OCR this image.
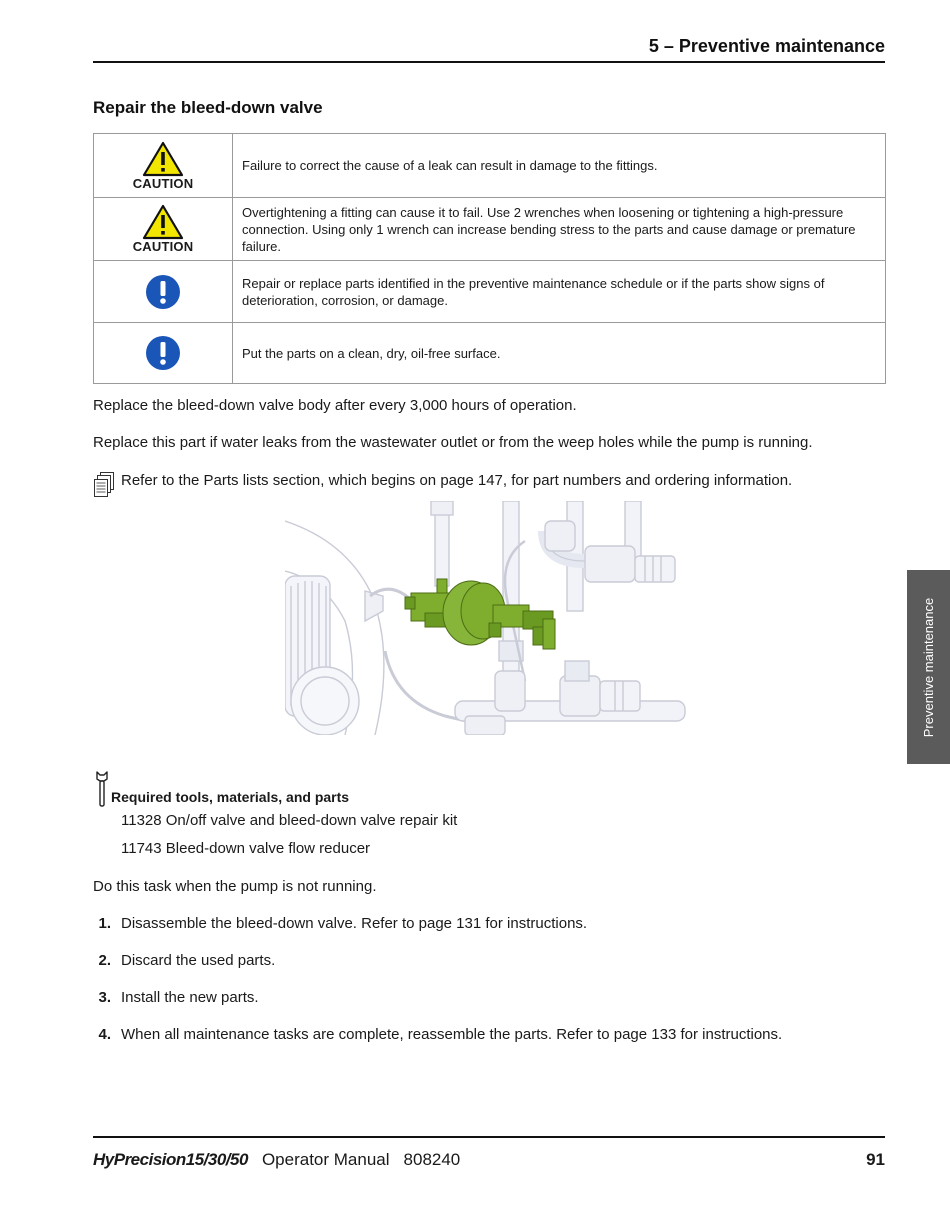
5 – Preventive maintenance
Repair the bleed-down valve
CAUTION	Failure to correct the cause of a leak can result in damage to the fittings.

CAUTION	Overtightening a fitting can cause it to fail. Use 2 wrenches when loosening or tightening a high-pressure connection. Using only 1 wrench can increase bending stress to the parts and cause damage or premature failure.
	Repair or replace parts identified in the preventive maintenance schedule or if the parts show signs of deterioration, corrosion, or damage.
	Put the parts on a clean, dry, oil-free surface.
Replace the bleed-down valve body after every 3,000 hours of operation.
Replace this part if water leaks from the wastewater outlet or from the weep holes while the pump is running.
Refer to the Parts lists section, which begins on page 147, for part numbers and ordering information.
Required tools, materials, and parts
11328 On/off valve and bleed-down valve repair kit
11743 Bleed-down valve flow reducer
Do this task when the pump is not running.
1. Disassemble the bleed-down valve. Refer to page 131 for instructions.
2. Discard the used parts.
3. Install the new parts.
4. When all maintenance tasks are complete, reassemble the parts. Refer to page 133 for instructions.
HyPrecision15/30/50 Operator Manual 808240	91
Preventive maintenance
